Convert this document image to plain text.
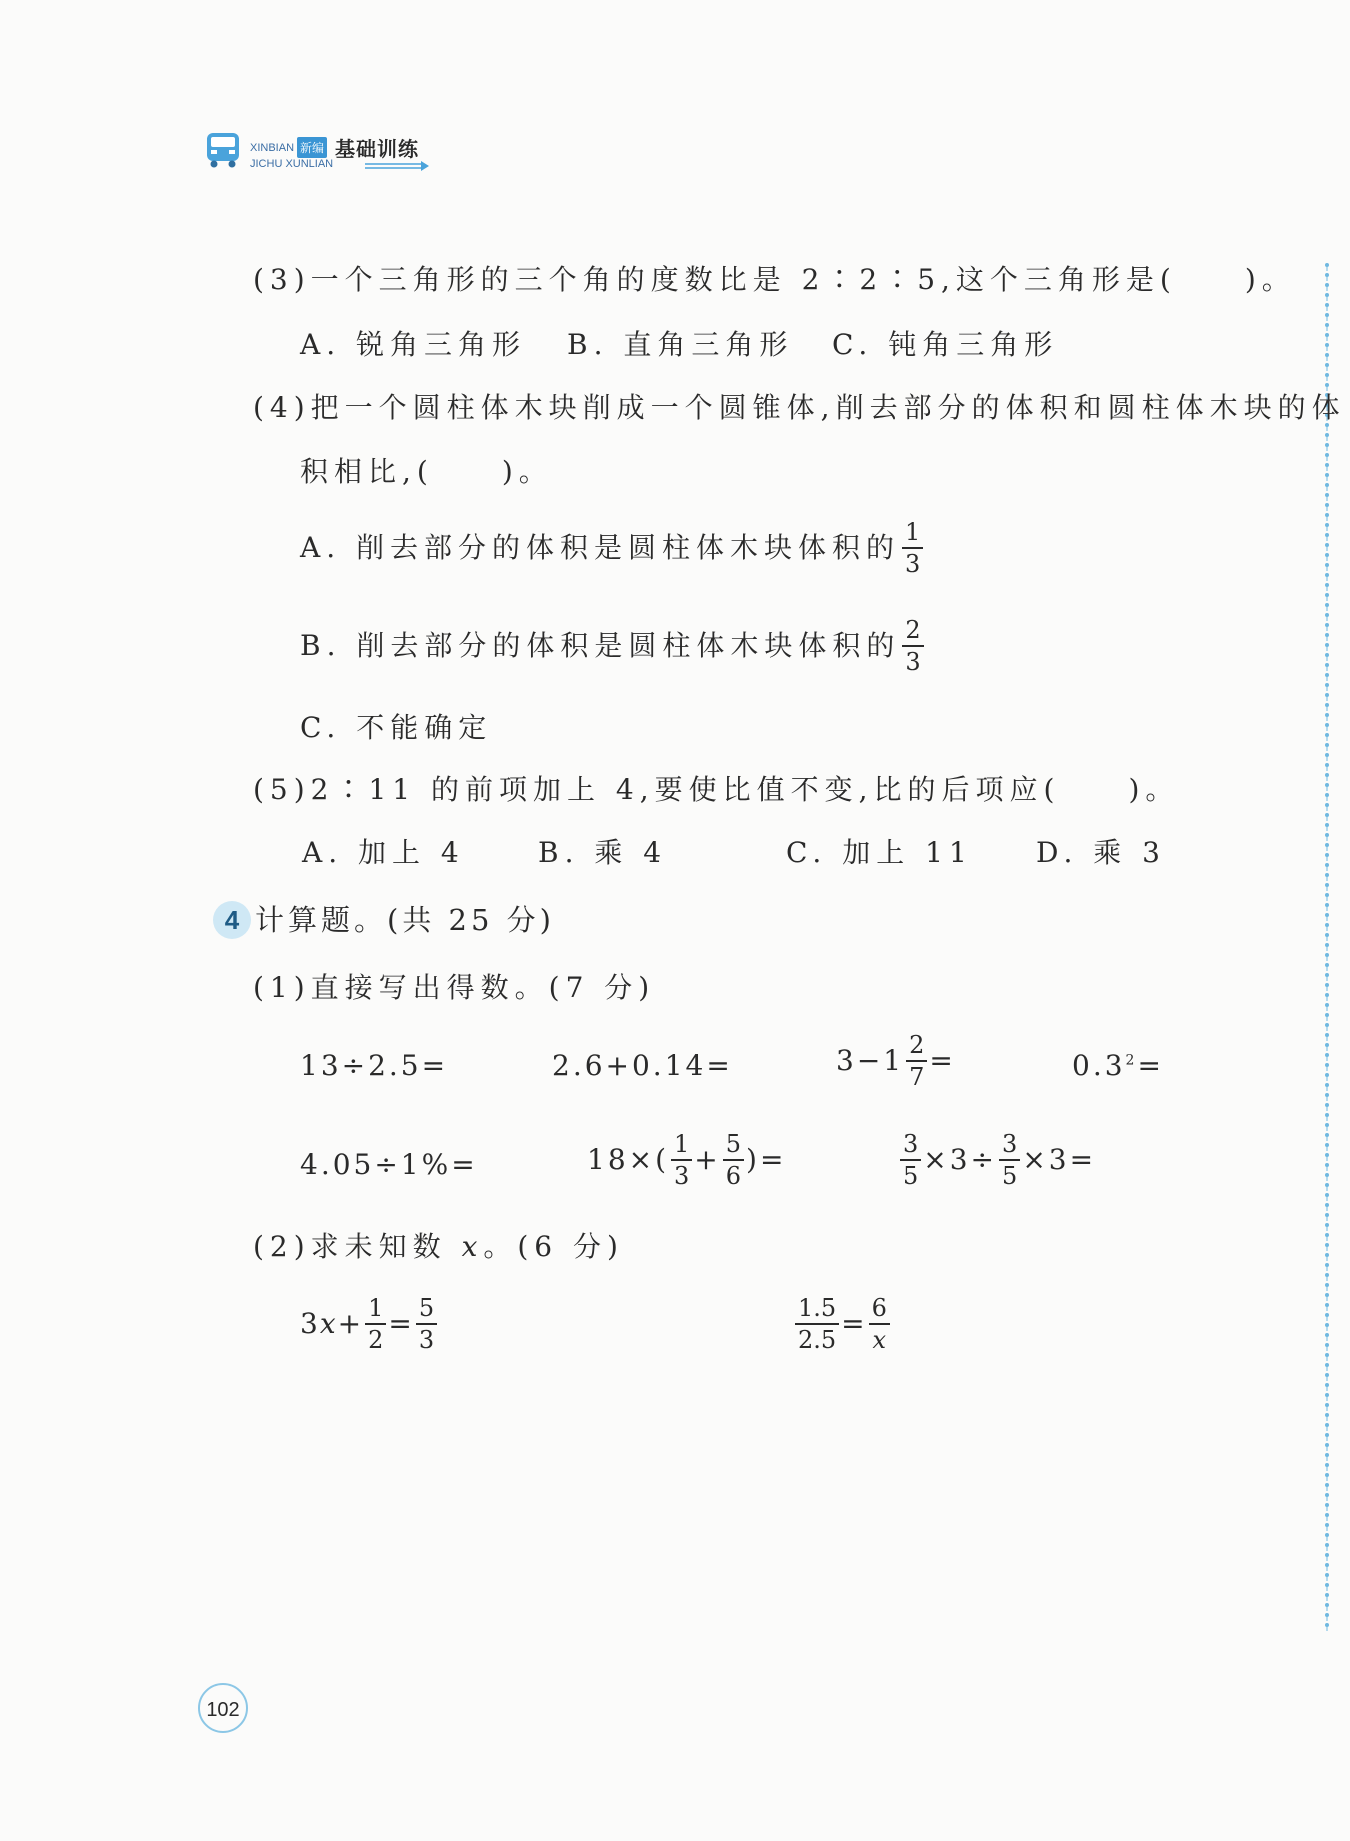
XINBIAN 新编 基础训练
JICHU XUNLIAN
(3)一个三角形的三个角的度数比是 2∶2∶5,这个三角形是(　　)。
A. 锐角三角形 B. 直角三角形 C. 钝角三角形
(4)把一个圆柱体木块削成一个圆锥体,削去部分的体积和圆柱体木块的体
积相比,(　　)。
A. 削去部分的体积是圆柱体木块体积的 $\frac{1}{3}$
B. 削去部分的体积是圆柱体木块体积的 $\frac{2}{3}$
C. 不能确定
(5)2∶11 的前项加上 4,要使比值不变,比的后项应(　　)。
A. 加上 4	B. 乘 4	C. 加上 11 D. 乘 3
4 计算题。(共 25 分)
(1)直接写出得数。(7 分)
13÷2.5=	2.6+0.14=	$3-1 \frac{2}{7}$ =	$0.3^2=$
4.05÷1%=	$18\times( \frac{1}{3} + \frac{5}{6}$ )=	$\frac{3}{5} \times 3\div \frac{3}{5} \times 3=$
(2)求未知数 x。(6 分)
3 $x + \frac{1}{2} = \frac{5}{3}$	$\frac{1.5}{2.5} = \frac{6}{x}$
102
